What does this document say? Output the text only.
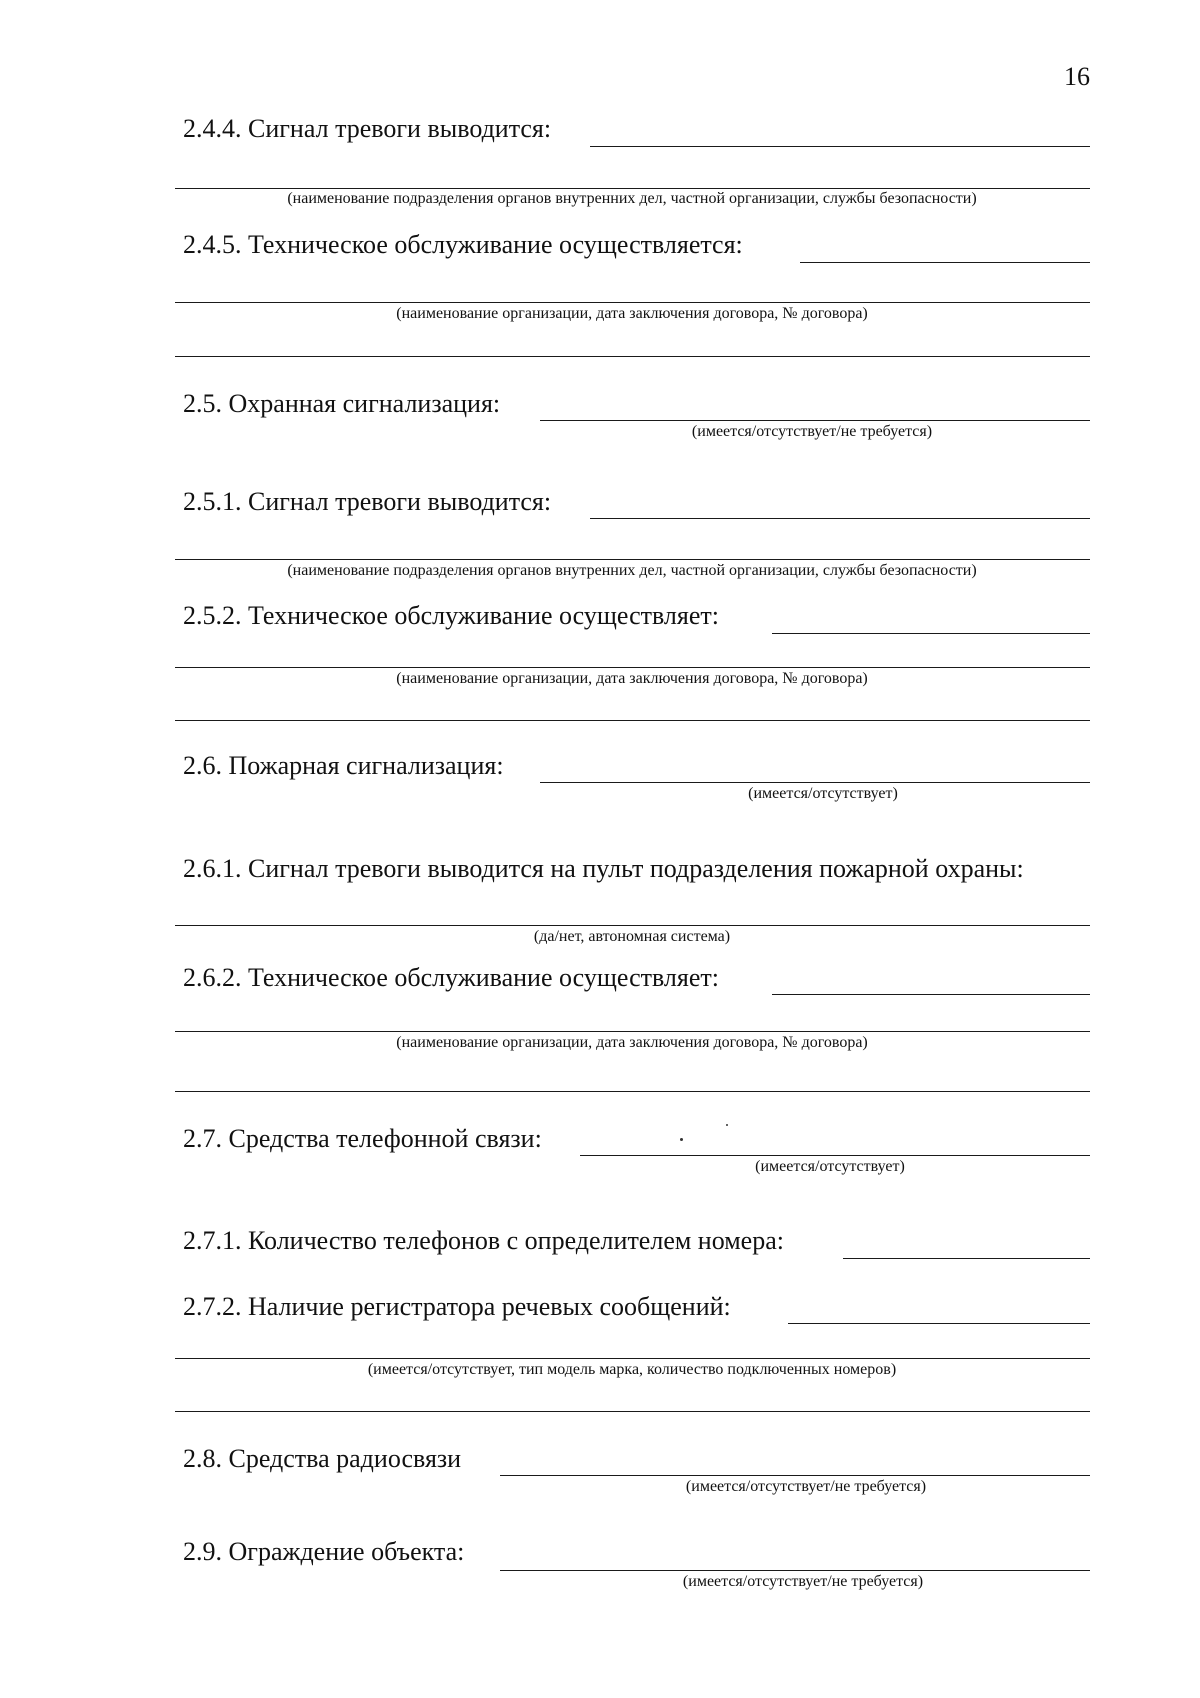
16
2.4.4. Сигнал тревоги выводится:
(наименование подразделения органов внутренних дел, частной организации, службы безопасности)
2.4.5. Техническое обслуживание осуществляется:
(наименование организации, дата заключения договора, № договора)
2.5. Охранная сигнализация:
(имеется/отсутствует/не требуется)
2.5.1. Сигнал тревоги выводится:
(наименование подразделения органов внутренних дел, частной организации, службы безопасности)
2.5.2. Техническое обслуживание осуществляет:
(наименование организации, дата заключения договора, № договора)
2.6. Пожарная сигнализация:
(имеется/отсутствует)
2.6.1. Сигнал тревоги выводится на пульт подразделения пожарной охраны:
(да/нет, автономная система)
2.6.2. Техническое обслуживание осуществляет:
(наименование организации, дата заключения договора, № договора)
2.7. Средства телефонной связи:
(имеется/отсутствует)
2.7.1. Количество телефонов с определителем номера:
2.7.2. Наличие регистратора речевых сообщений:
(имеется/отсутствует, тип модель марка, количество подключенных номеров)
2.8. Средства радиосвязи
(имеется/отсутствует/не требуется)
2.9. Ограждение объекта:
(имеется/отсутствует/не требуется)
